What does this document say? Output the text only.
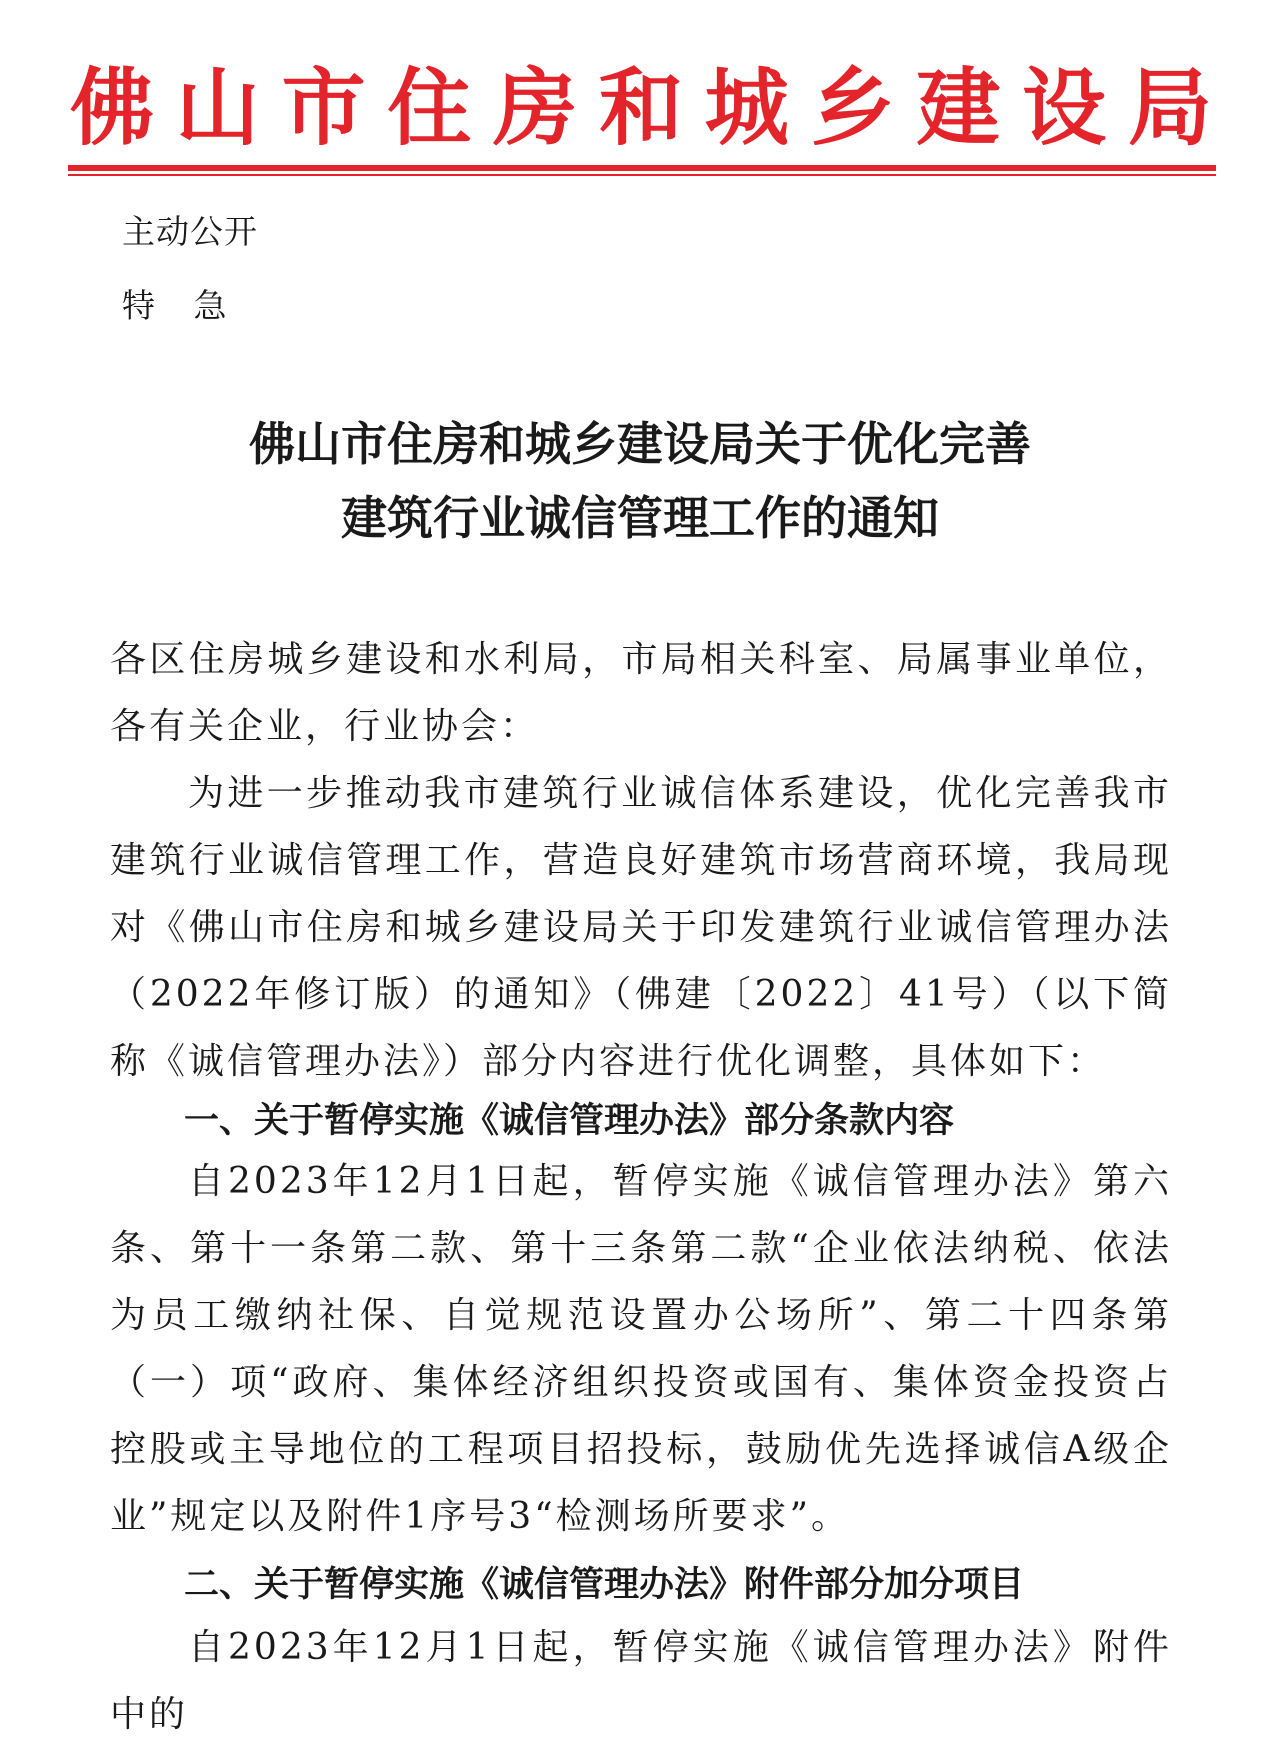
佛 山 市 住 房 和 城 乡 建 设 局
主动公开
特 急
佛山市住房和城乡建设局关于优化完善
建筑行业诚信管理工作的通知
各区住房城乡建设和水利局，市局相关科室、局属事业单位，各有关企业，行业协会：
为进一步推动我市建筑行业诚信体系建设，优化完善我市建筑行业诚信管理工作，营造良好建筑市场营商环境，我局现对《佛山市住房和城乡建设局关于印发建筑行业诚信管理办法（2022年修订版）的通知》（佛建〔2022〕41号）（以下简称《诚信管理办法》）部分内容进行优化调整，具体如下：
一、关于暂停实施《诚信管理办法》部分条款内容
自2023年12月1日起，暂停实施《诚信管理办法》第六条、第十一条第二款、第十三条第二款“企业依法纳税、依法为员工缴纳社保、自觉规范设置办公场所”、第二十四条第（一）项“政府、集体经济组织投资或国有、集体资金投资占控股或主导地位的工程项目招投标，鼓励优先选择诚信A级企业”规定以及附件1序号3“检测场所要求”。
二、关于暂停实施《诚信管理办法》附件部分加分项目
自2023年12月1日起，暂停实施《诚信管理办法》附件中的
